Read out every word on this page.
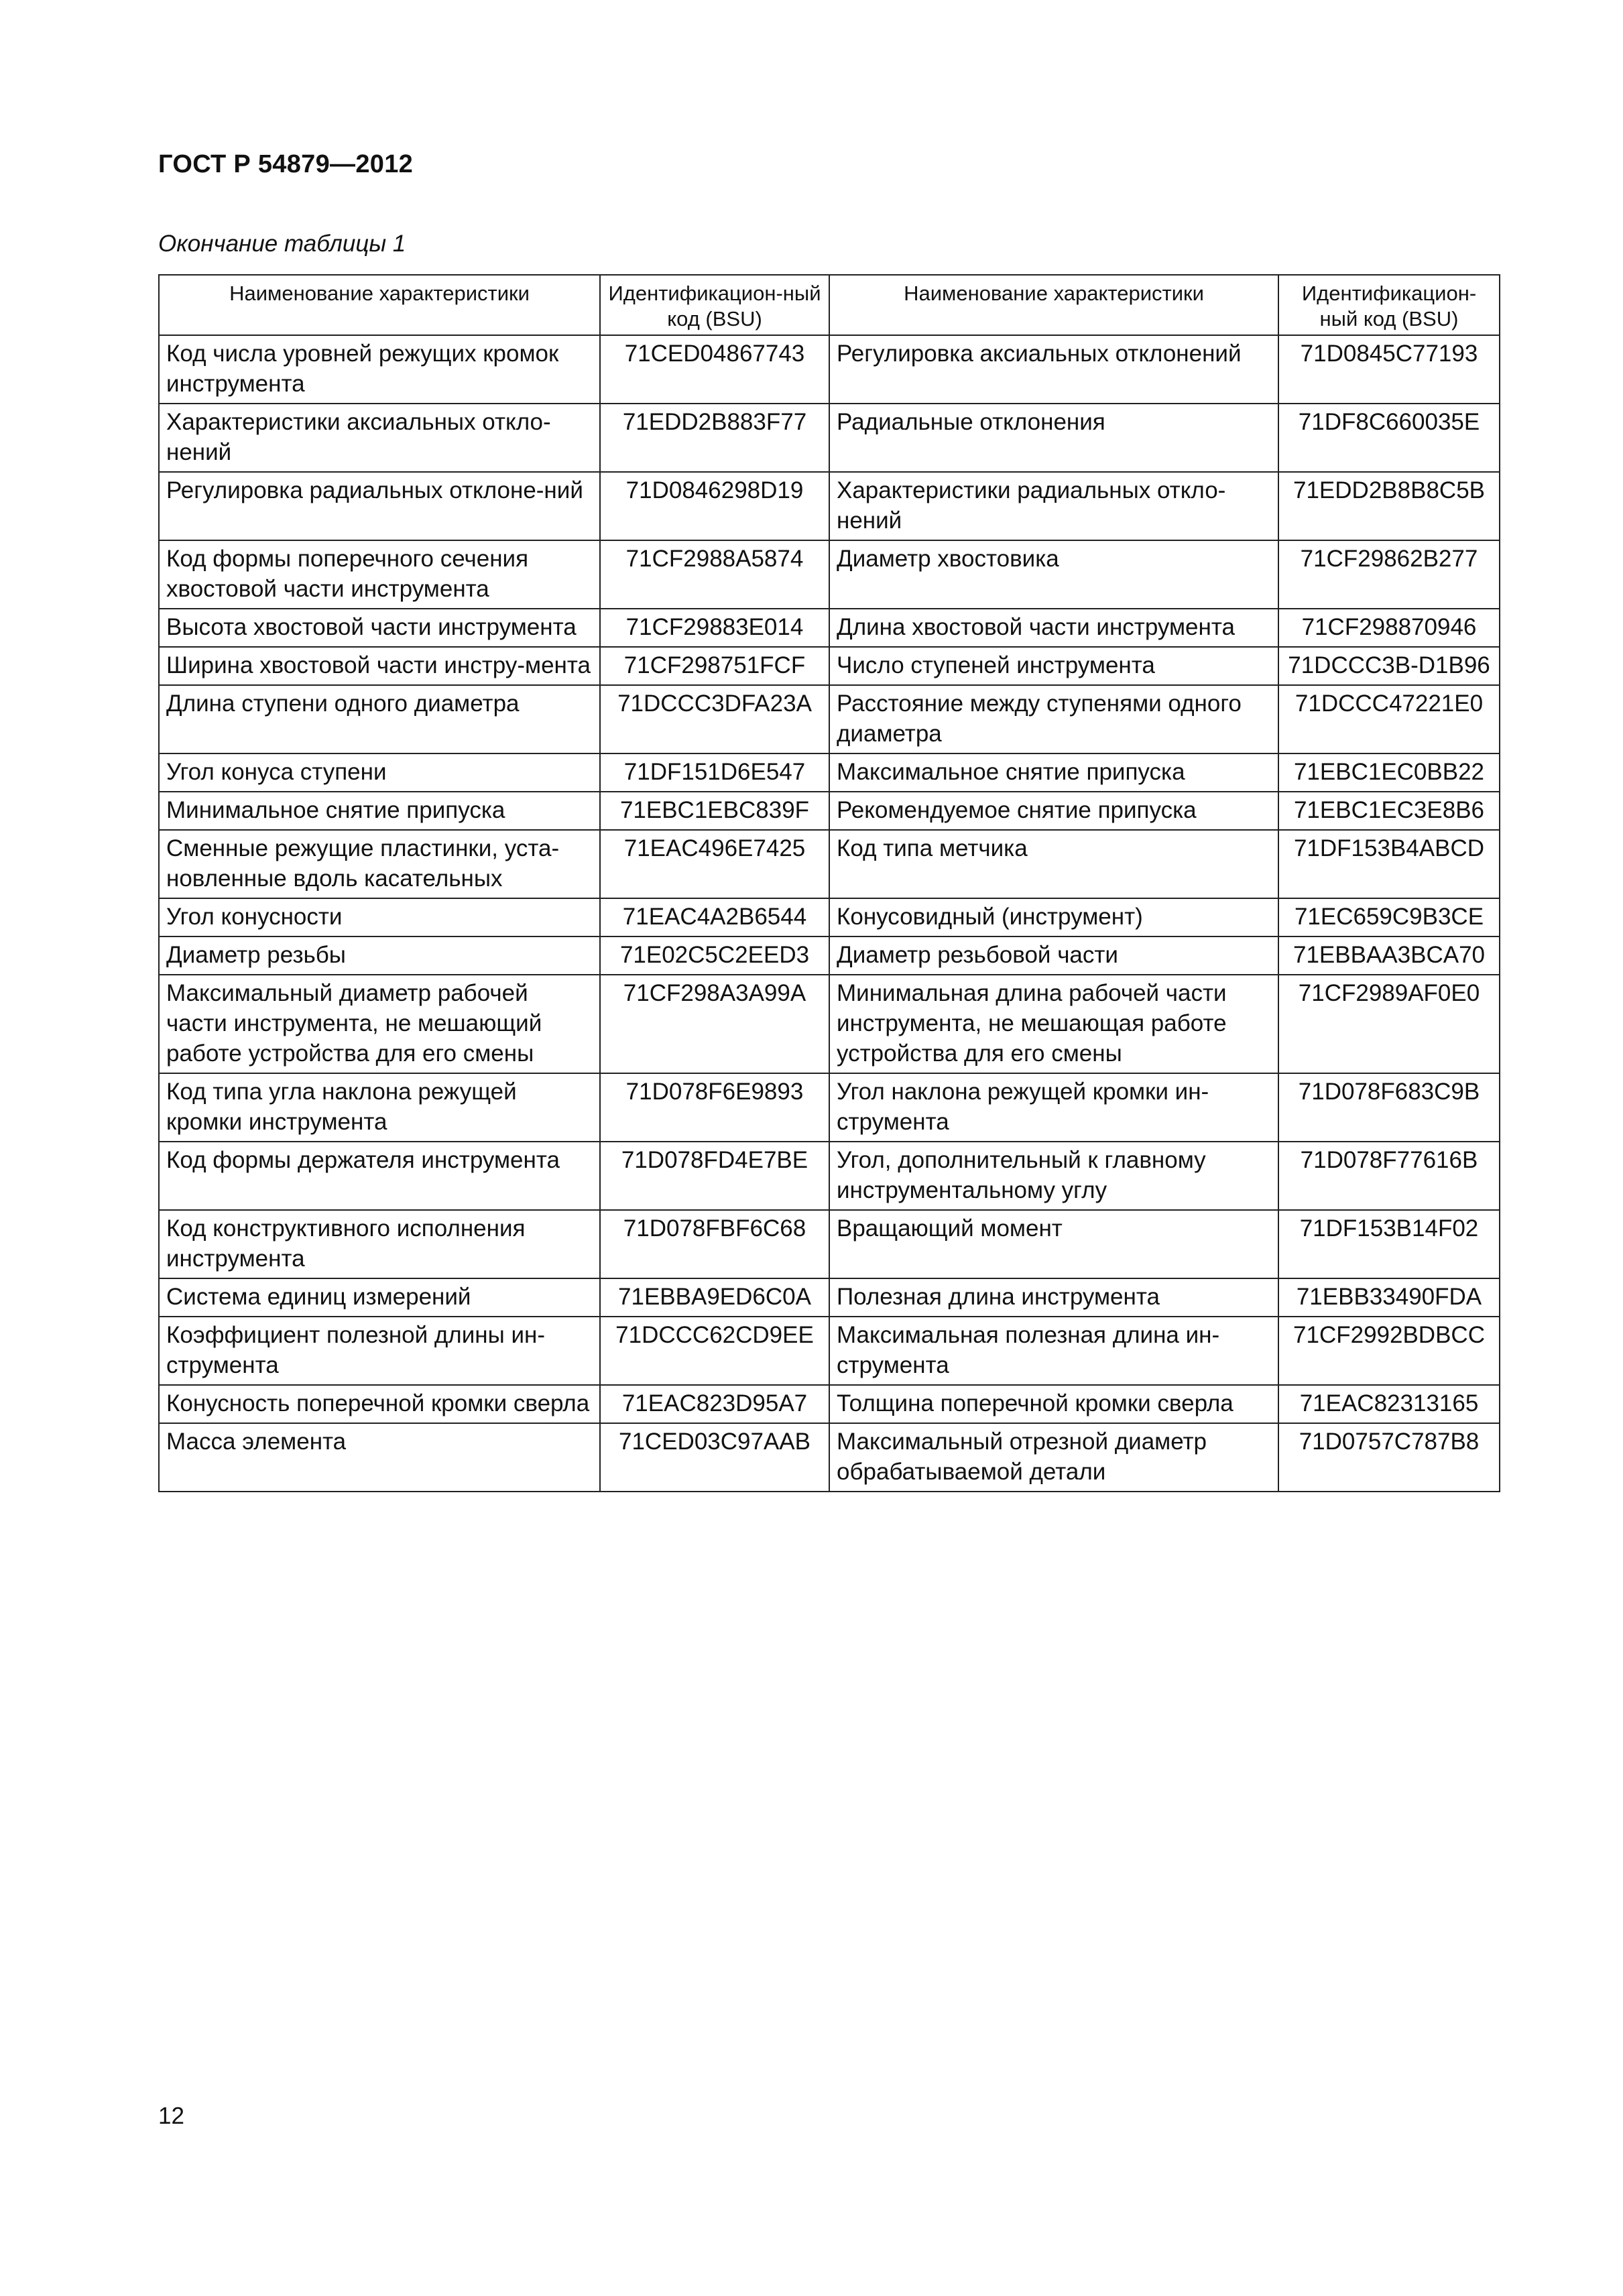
ГОСТ Р 54879—2012
Окончание таблицы 1
Наименование характеристики	Идентификацион-ный код (BSU)	Наименование характеристики	Идентификацион-ный код (BSU)
Код числа уровней режущих кромок инструмента	71CED04867743	Регулировка аксиальных отклонений	71D0845C77193
Характеристики аксиальных откло-нений	71EDD2B883F77	Радиальные отклонения	71DF8C660035E
Регулировка радиальных отклоне-ний	71D0846298D19	Характеристики радиальных откло-нений	71EDD2B8B8C5B
Код формы поперечного сечения хвостовой части инструмента	71CF2988A5874	Диаметр хвостовика	71CF29862B277
Высота хвостовой части инструмента	71CF29883E014	Длина хвостовой части инструмента	71CF298870946
Ширина хвостовой части инстру-мента	71CF298751FCF	Число ступеней инструмента	71DCCC3B-D1B96
Длина ступени одного диаметра	71DCCC3DFA23A	Расстояние между ступенями одного диаметра	71DCCC47221E0
Угол конуса ступени	71DF151D6E547	Максимальное снятие припуска	71EBC1EC0BB22
Минимальное снятие припуска	71EBC1EBC839F	Рекомендуемое снятие припуска	71EBC1EC3E8B6
Сменные режущие пластинки, уста-новленные вдоль касательных	71EAC496E7425	Код типа метчика	71DF153B4ABCD
Угол конусности	71EAC4A2B6544	Конусовидный (инструмент)	71EC659C9B3CE
Диаметр резьбы	71E02C5C2EED3	Диаметр резьбовой части	71EBBAA3BCA70
Максимальный диаметр рабочей части инструмента, не мешающий работе устройства для его смены	71CF298A3A99A	Минимальная длина рабочей части инструмента, не мешающая работе устройства для его смены	71CF2989AF0E0
Код типа угла наклона режущей кромки инструмента	71D078F6E9893	Угол наклона режущей кромки ин-струмента	71D078F683C9B
Код формы держателя инструмента	71D078FD4E7BE	Угол, дополнительный к главному инструментальному углу	71D078F77616B
Код конструктивного исполнения инструмента	71D078FBF6C68	Вращающий момент	71DF153B14F02
Система единиц измерений	71EBBA9ED6C0A	Полезная длина инструмента	71EBB33490FDA
Коэффициент полезной длины ин-струмента	71DCCC62CD9EE	Максимальная полезная длина ин-струмента	71CF2992BDBCC
Конусность поперечной кромки сверла	71EAC823D95A7	Толщина поперечной кромки сверла	71EAC82313165
Масса элемента	71CED03C97AAB	Максимальный отрезной диаметр обрабатываемой детали	71D0757C787B8
12
